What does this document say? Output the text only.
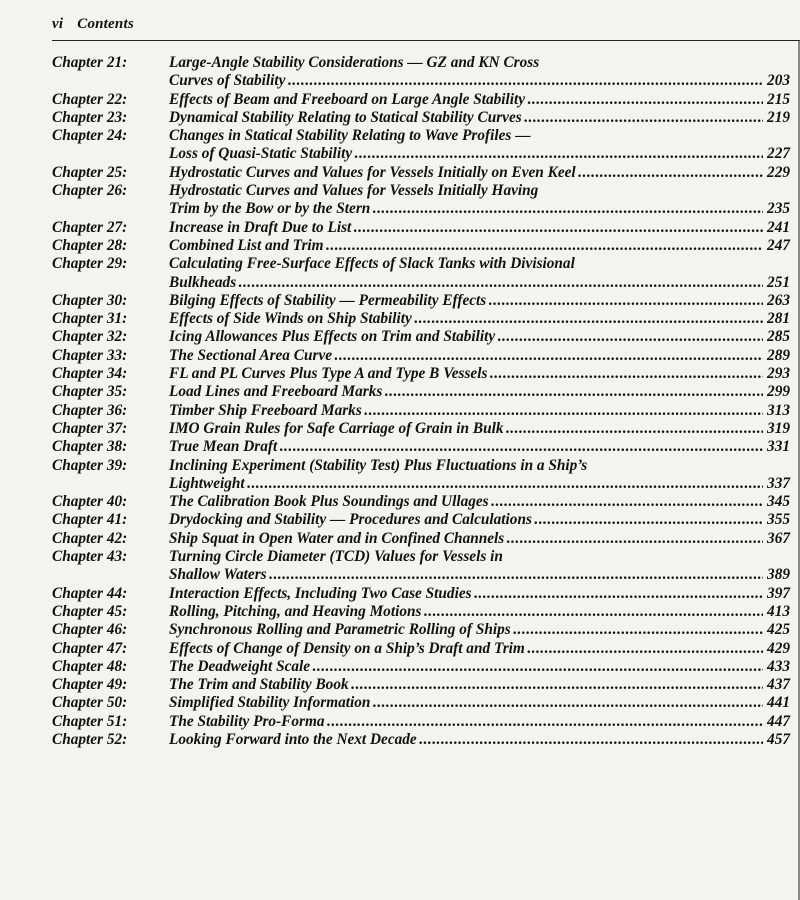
vi Contents
Chapter 21:	Large-Angle Stability Considerations — GZ and KN Cross
Curves of Stability .....	203
Chapter 22:	Effects of Beam and Freeboard on Large Angle Stability .....	215
Chapter 23:	Dynamical Stability Relating to Statical Stability Curves .....	219
Chapter 24:	Changes in Statical Stability Relating to Wave Profiles —
Loss of Quasi-Static Stability .....	227
Chapter 25:	Hydrostatic Curves and Values for Vessels Initially on Even Keel .....	229
Chapter 26:	Hydrostatic Curves and Values for Vessels Initially Having
Trim by the Bow or by the Stern .....	235
Chapter 27:	Increase in Draft Due to List .....	241
Chapter 28:	Combined List and Trim .....	247
Chapter 29:	Calculating Free-Surface Effects of Slack Tanks with Divisional
Bulkheads .....	251
Chapter 30:	Bilging Effects of Stability — Permeability Effects .....	263
Chapter 31:	Effects of Side Winds on Ship Stability .....	281
Chapter 32:	Icing Allowances Plus Effects on Trim and Stability .....	285
Chapter 33:	The Sectional Area Curve .....	289
Chapter 34:	FL and PL Curves Plus Type A and Type B Vessels .....	293
Chapter 35:	Load Lines and Freeboard Marks .....	299
Chapter 36:	Timber Ship Freeboard Marks .....	313
Chapter 37:	IMO Grain Rules for Safe Carriage of Grain in Bulk .....	319
Chapter 38:	True Mean Draft .....	331
Chapter 39:	Inclining Experiment (Stability Test) Plus Fluctuations in a Ship’s
Lightweight .....	337
Chapter 40:	The Calibration Book Plus Soundings and Ullages .....	345
Chapter 41:	Drydocking and Stability — Procedures and Calculations .....	355
Chapter 42:	Ship Squat in Open Water and in Confined Channels .....	367
Chapter 43:	Turning Circle Diameter (TCD) Values for Vessels in
Shallow Waters .....	389
Chapter 44:	Interaction Effects, Including Two Case Studies .....	397
Chapter 45:	Rolling, Pitching, and Heaving Motions .....	413
Chapter 46:	Synchronous Rolling and Parametric Rolling of Ships .....	425
Chapter 47:	Effects of Change of Density on a Ship’s Draft and Trim .....	429
Chapter 48:	The Deadweight Scale .....	433
Chapter 49:	The Trim and Stability Book .....	437
Chapter 50:	Simplified Stability Information .....	441
Chapter 51:	The Stability Pro-Forma .....	447
Chapter 52:	Looking Forward into the Next Decade .....	457
